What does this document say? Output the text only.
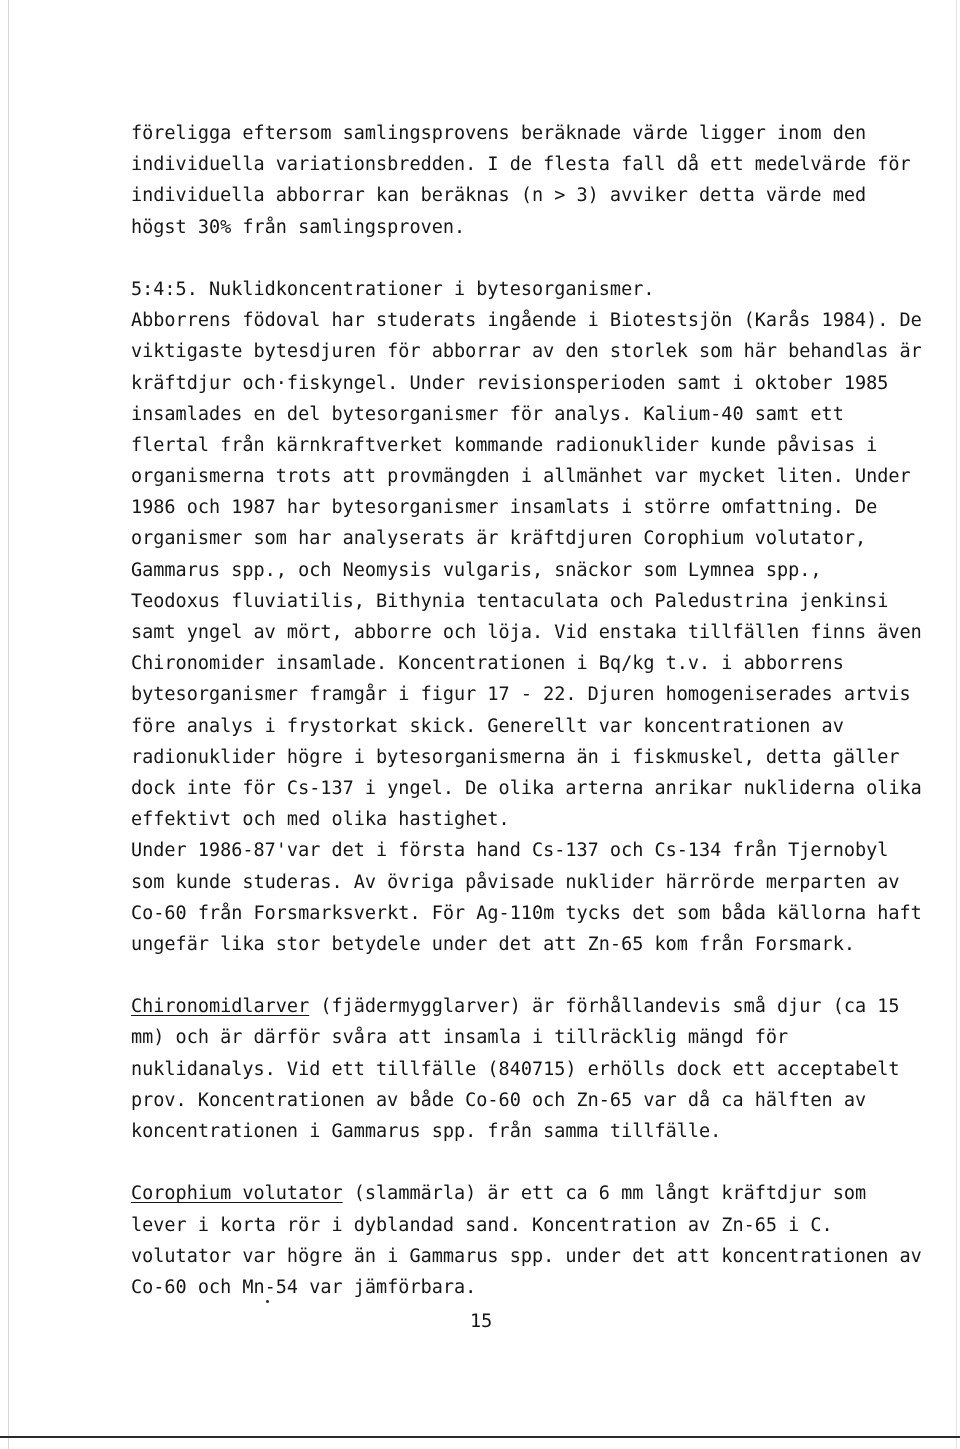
föreligga eftersom samlingsprovens beräknade värde ligger inom den
individuella variationsbredden. I de flesta fall då ett medelvärde för
individuella abborrar kan beräknas (n > 3) avviker detta värde med
högst 30% från samlingsproven.
5:4:5. Nuklidkoncentrationer i bytesorganismer.
Abborrens födoval har studerats ingående i Biotestsjön (Karås 1984). De
viktigaste bytesdjuren för abborrar av den storlek som här behandlas är
kräftdjur och·fiskyngel. Under revisionsperioden samt i oktober 1985
insamlades en del bytesorganismer för analys. Kalium-40 samt ett
flertal från kärnkraftverket kommande radionuklider kunde påvisas i
organismerna trots att provmängden i allmänhet var mycket liten. Under
1986 och 1987 har bytesorganismer insamlats i större omfattning. De
organismer som har analyserats är kräftdjuren Corophium volutator,
Gammarus spp., och Neomysis vulgaris, snäckor som Lymnea spp.,
Teodoxus fluviatilis, Bithynia tentaculata och Paledustrina jenkinsi
samt yngel av mört, abborre och löja. Vid enstaka tillfällen finns även
Chironomider insamlade. Koncentrationen i Bq/kg t.v. i abborrens
bytesorganismer framgår i figur 17 - 22. Djuren homogeniserades artvis
före analys i frystorkat skick. Generellt var koncentrationen av
radionuklider högre i bytesorganismerna än i fiskmuskel, detta gäller
dock inte för Cs-137 i yngel. De olika arterna anrikar nukliderna olika
effektivt och med olika hastighet.
Under 1986-87'var det i första hand Cs-137 och Cs-134 från Tjernobyl
som kunde studeras. Av övriga påvisade nuklider härrörde merparten av
Co-60 från Forsmarksverkt. För Ag-110m tycks det som båda källorna haft
ungefär lika stor betydele under det att Zn-65 kom från Forsmark.
Chironomidlarver (fjädermygglarver) är förhållandevis små djur (ca 15
mm) och är därför svåra att insamla i tillräcklig mängd för
nuklidanalys. Vid ett tillfälle (840715) erhölls dock ett acceptabelt
prov. Koncentrationen av både Co-60 och Zn-65 var då ca hälften av
koncentrationen i Gammarus spp. från samma tillfälle.
Corophium volutator (slammärla) är ett ca 6 mm långt kräftdjur som
lever i korta rör i dyblandad sand. Koncentration av Zn-65 i C.
volutator var högre än i Gammarus spp. under det att koncentrationen av
Co-60 och Mn-54 var jämförbara.
15
